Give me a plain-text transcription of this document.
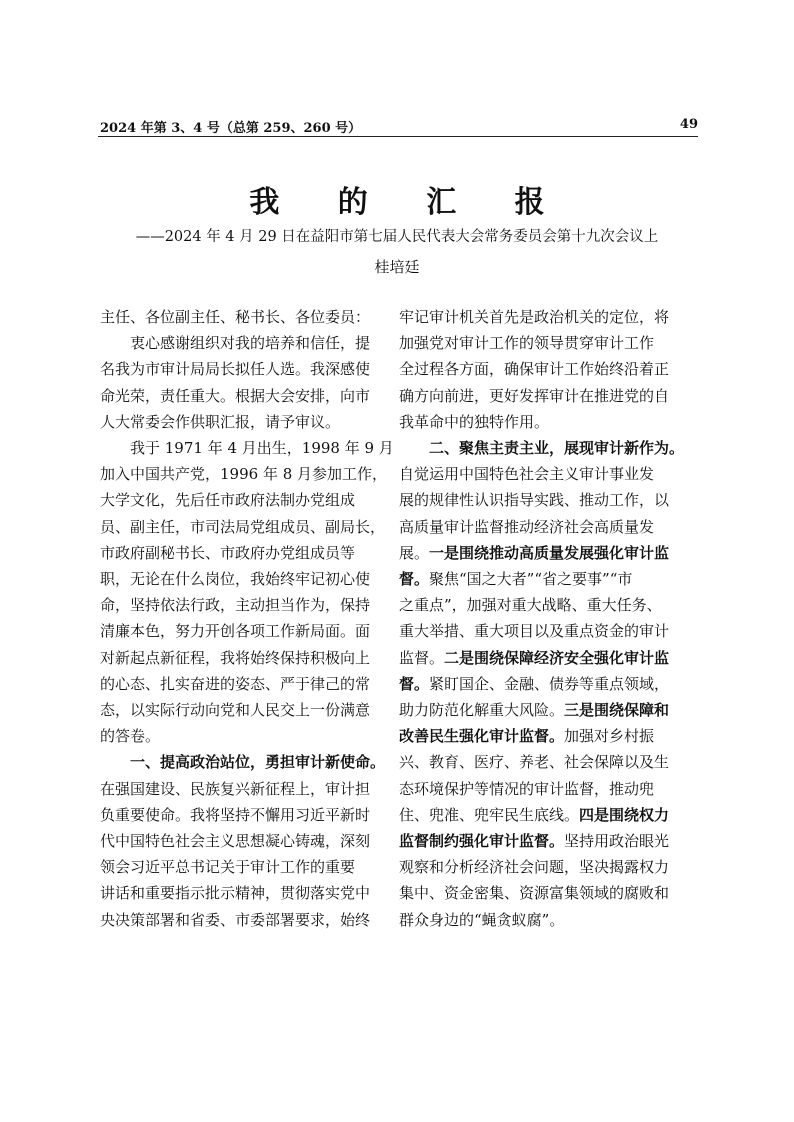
2024 年第 3、4 号（总第 259、260 号）	49
我 的 汇 报
——2024 年 4 月 29 日在益阳市第七届人民代表大会常务委员会第十九次会议上
桂培廷

主任、各位副主任、秘书长、各位委员：

衷心感谢组织对我的培养和信任，提

名我为市审计局局长拟任人选。我深感使

命光荣，责任重大。根据大会安排，向市

人大常委会作供职汇报，请予审议。

我于 1971 年 4 月出生，1998 年 9 月

加入中国共产党，1996 年 8 月参加工作，

大学文化，先后任市政府法制办党组成

员、副主任，市司法局党组成员、副局长，

市政府副秘书长、市政府办党组成员等

职，无论在什么岗位，我始终牢记初心使

命，坚持依法行政，主动担当作为，保持

清廉本色，努力开创各项工作新局面。面

对新起点新征程，我将始终保持积极向上

的心态、扎实奋进的姿态、严于律己的常

态，以实际行动向党和人民交上一份满意

的答卷。

一、提高政治站位，勇担审计新使命。

在强国建设、民族复兴新征程上，审计担

负重要使命。我将坚持不懈用习近平新时

代中国特色社会主义思想凝心铸魂，深刻

领会习近平总书记关于审计工作的重要

讲话和重要指示批示精神，贯彻落实党中

央决策部署和省委、市委部署要求，始终

牢记审计机关首先是政治机关的定位，将

加强党对审计工作的领导贯穿审计工作

全过程各方面，确保审计工作始终沿着正

确方向前进，更好发挥审计在推进党的自

我革命中的独特作用。

二、聚焦主责主业，展现审计新作为。

自觉运用中国特色社会主义审计事业发

展的规律性认识指导实践、推动工作，以

高质量审计监督推动经济社会高质量发

展。一是围绕推动高质量发展强化审计监

督。聚焦“国之大者”“省之要事”“市

之重点”，加强对重大战略、重大任务、

重大举措、重大项目以及重点资金的审计

监督。二是围绕保障经济安全强化审计监

督。紧盯国企、金融、债券等重点领域，

助力防范化解重大风险。三是围绕保障和

改善民生强化审计监督。加强对乡村振

兴、教育、医疗、养老、社会保障以及生

态环境保护等情况的审计监督，推动兜

住、兜准、兜牢民生底线。四是围绕权力

监督制约强化审计监督。坚持用政治眼光

观察和分析经济社会问题，坚决揭露权力

集中、资金密集、资源富集领域的腐败和

群众身边的“蝇贪蚁腐”。
